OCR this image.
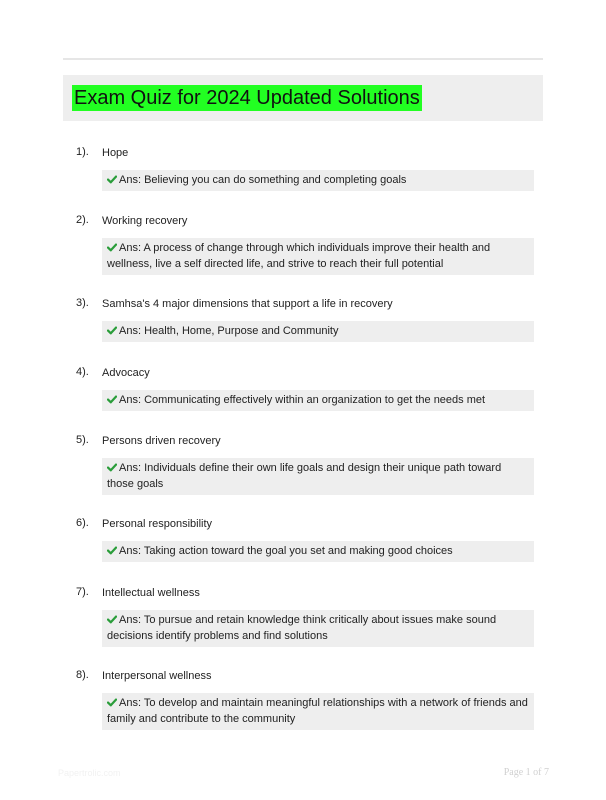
Exam Quiz for 2024 Updated Solutions
1). Hope
Ans: Believing you can do something and completing goals
2). Working recovery
Ans: A process of change through which individuals improve their health and wellness, live a self directed life, and strive to reach their full potential
3). Samhsa's 4 major dimensions that support a life in recovery
Ans: Health, Home, Purpose and Community
4). Advocacy
Ans: Communicating effectively within an organization to get the needs met
5). Persons driven recovery
Ans: Individuals define their own life goals and design their unique path toward those goals
6). Personal responsibility
Ans: Taking action toward the goal you set and making good choices
7). Intellectual wellness
Ans: To pursue and retain knowledge think critically about issues make sound decisions identify problems and find solutions
8). Interpersonal wellness
Ans: To develop and maintain meaningful relationships with a network of friends and family and contribute to the community
Papertrolic.com	Page 1 of 7
